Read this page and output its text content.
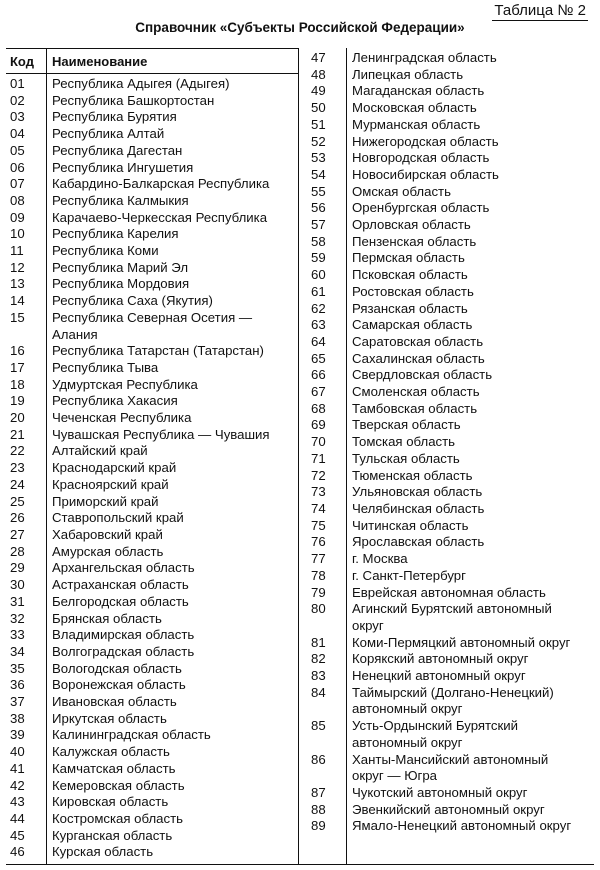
Таблица № 2
Справочник «Субъекты Российской Федерации»
Код Наименование
01	Республика Адыгея (Адыгея)
02	Республика Башкортостан
03	Республика Бурятия
04	Республика Алтай
05	Республика Дагестан
06	Республика Ингушетия
07	Кабардино-Балкарская Республика
08	Республика Калмыкия
09	Карачаево-Черкесская Республика
10	Республика Карелия
11	Республика Коми
12	Республика Марий Эл
13	Республика Мордовия
14	Республика Саха (Якутия)
15	Республика Северная Осетия —
Алания
16	Республика Татарстан (Татарстан)
17	Республика Тыва
18	Удмуртская Республика
19	Республика Хакасия
20	Чеченская Республика
21	Чувашская Республика — Чувашия
22	Алтайский край
23	Краснодарский край
24	Красноярский край
25	Приморский край
26	Ставропольский край
27	Хабаровский край
28	Амурская область
29	Архангельская область
30	Астраханская область
31	Белгородская область
32	Брянская область
33	Владимирская область
34	Волгоградская область
35	Вологодская область
36	Воронежская область
37	Ивановская область
38	Иркутская область
39	Калининградская область
40	Калужская область
41	Камчатская область
42	Кемеровская область
43	Кировская область
44	Костромская область
45	Курганская область
46	Курская область
47	Ленинградская область
48	Липецкая область
49	Магаданская область
50	Московская область
51	Мурманская область
52	Нижегородская область
53	Новгородская область
54	Новосибирская область
55	Омская область
56	Оренбургская область
57	Орловская область
58	Пензенская область
59	Пермская область
60	Псковская область
61	Ростовская область
62	Рязанская область
63	Самарская область
64	Саратовская область
65	Сахалинская область
66	Свердловская область
67	Смоленская область
68	Тамбовская область
69	Тверская область
70	Томская область
71	Тульская область
72	Тюменская область
73	Ульяновская область
74	Челябинская область
75	Читинская область
76	Ярославская область
77	г. Москва
78	г. Санкт-Петербург
79	Еврейская автономная область
80	Агинский Бурятский автономный
округ
81	Коми-Пермяцкий автономный округ
82	Корякский автономный округ
83	Ненецкий автономный округ
84	Таймырский (Долгано-Ненецкий)
автономный округ
85	Усть-Ордынский Бурятский
автономный округ
86	Ханты-Мансийский автономный
округ — Югра
87	Чукотский автономный округ
88	Эвенкийский автономный округ
89	Ямало-Ненецкий автономный округ
